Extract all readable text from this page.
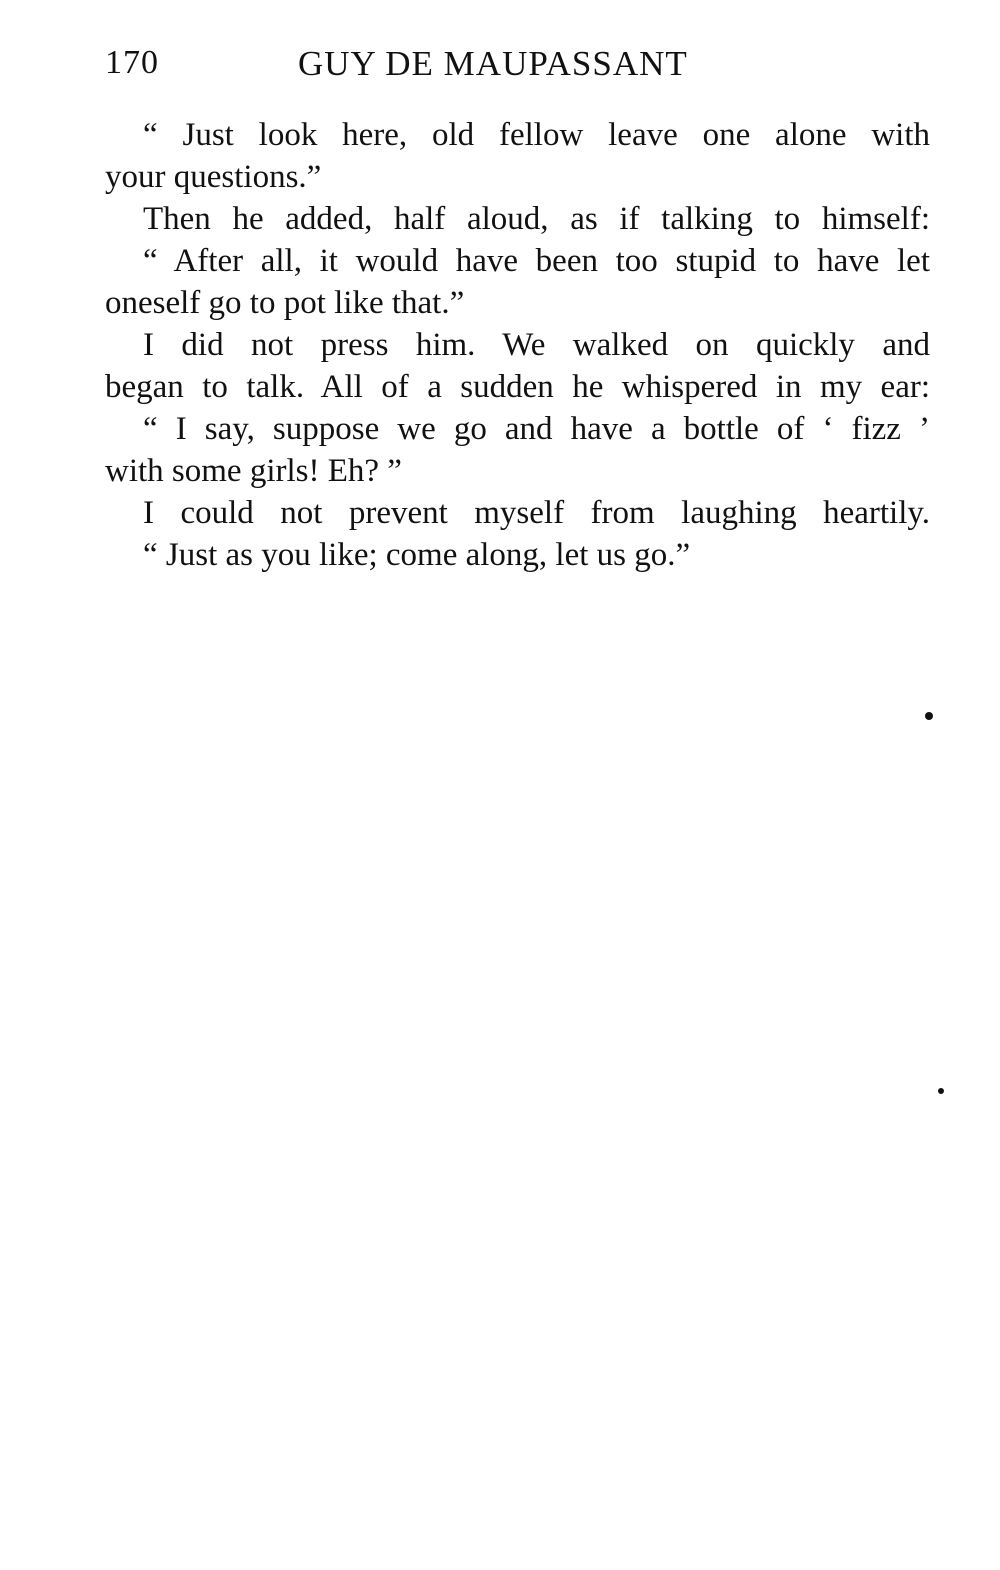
170	GUY DE MAUPASSANT
“ Just look here, old fellow leave one alone with
your questions.”
Then he added, half aloud, as if talking to himself:
“ After all, it would have been too stupid to have let
oneself go to pot like that.”
I did not press him. We walked on quickly and
began to talk. All of a sudden he whispered in my ear:
“ I say, suppose we go and have a bottle of ‘ fizz ’
with some girls! Eh? ”
I could not prevent myself from laughing heartily.
“ Just as you like; come along, let us go.”
